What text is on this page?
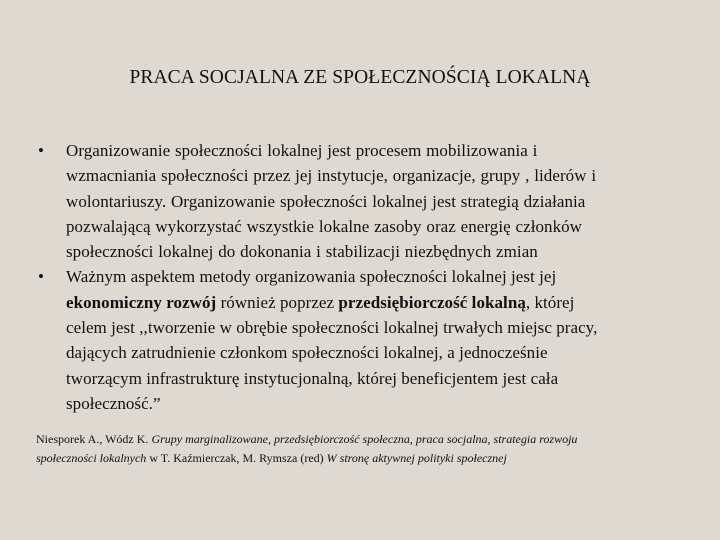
PRACA SOCJALNA ZE SPOŁECZNOŚCIĄ LOKALNĄ
• Organizowanie społeczności lokalnej jest procesem mobilizowania i
wzmacniania społeczności przez jej instytucje, organizacje, grupy , liderów i
wolontariuszy. Organizowanie społeczności lokalnej jest strategią działania
pozwalającą wykorzystać wszystkie lokalne zasoby oraz energię członków
społeczności lokalnej do dokonania i stabilizacji niezbędnych zmian
• Ważnym aspektem metody organizowania społeczności lokalnej jest jej
ekonomiczny rozwój również poprzez przedsiębiorczość lokalną, której
celem jest ,,tworzenie w obrębie społeczności lokalnej trwałych miejsc pracy,
dających zatrudnienie członkom społeczności lokalnej, a jednocześnie
tworzącym infrastrukturę instytucjonalną, której beneficjentem jest cała
społeczność.”
Niesporek A., Wódz K. Grupy marginalizowane, przedsiębiorczość społeczna, praca socjalna, strategia rozwoju
społeczności lokalnych w T. Kaźmierczak, M. Rymsza (red) W stronę aktywnej polityki społecznej
